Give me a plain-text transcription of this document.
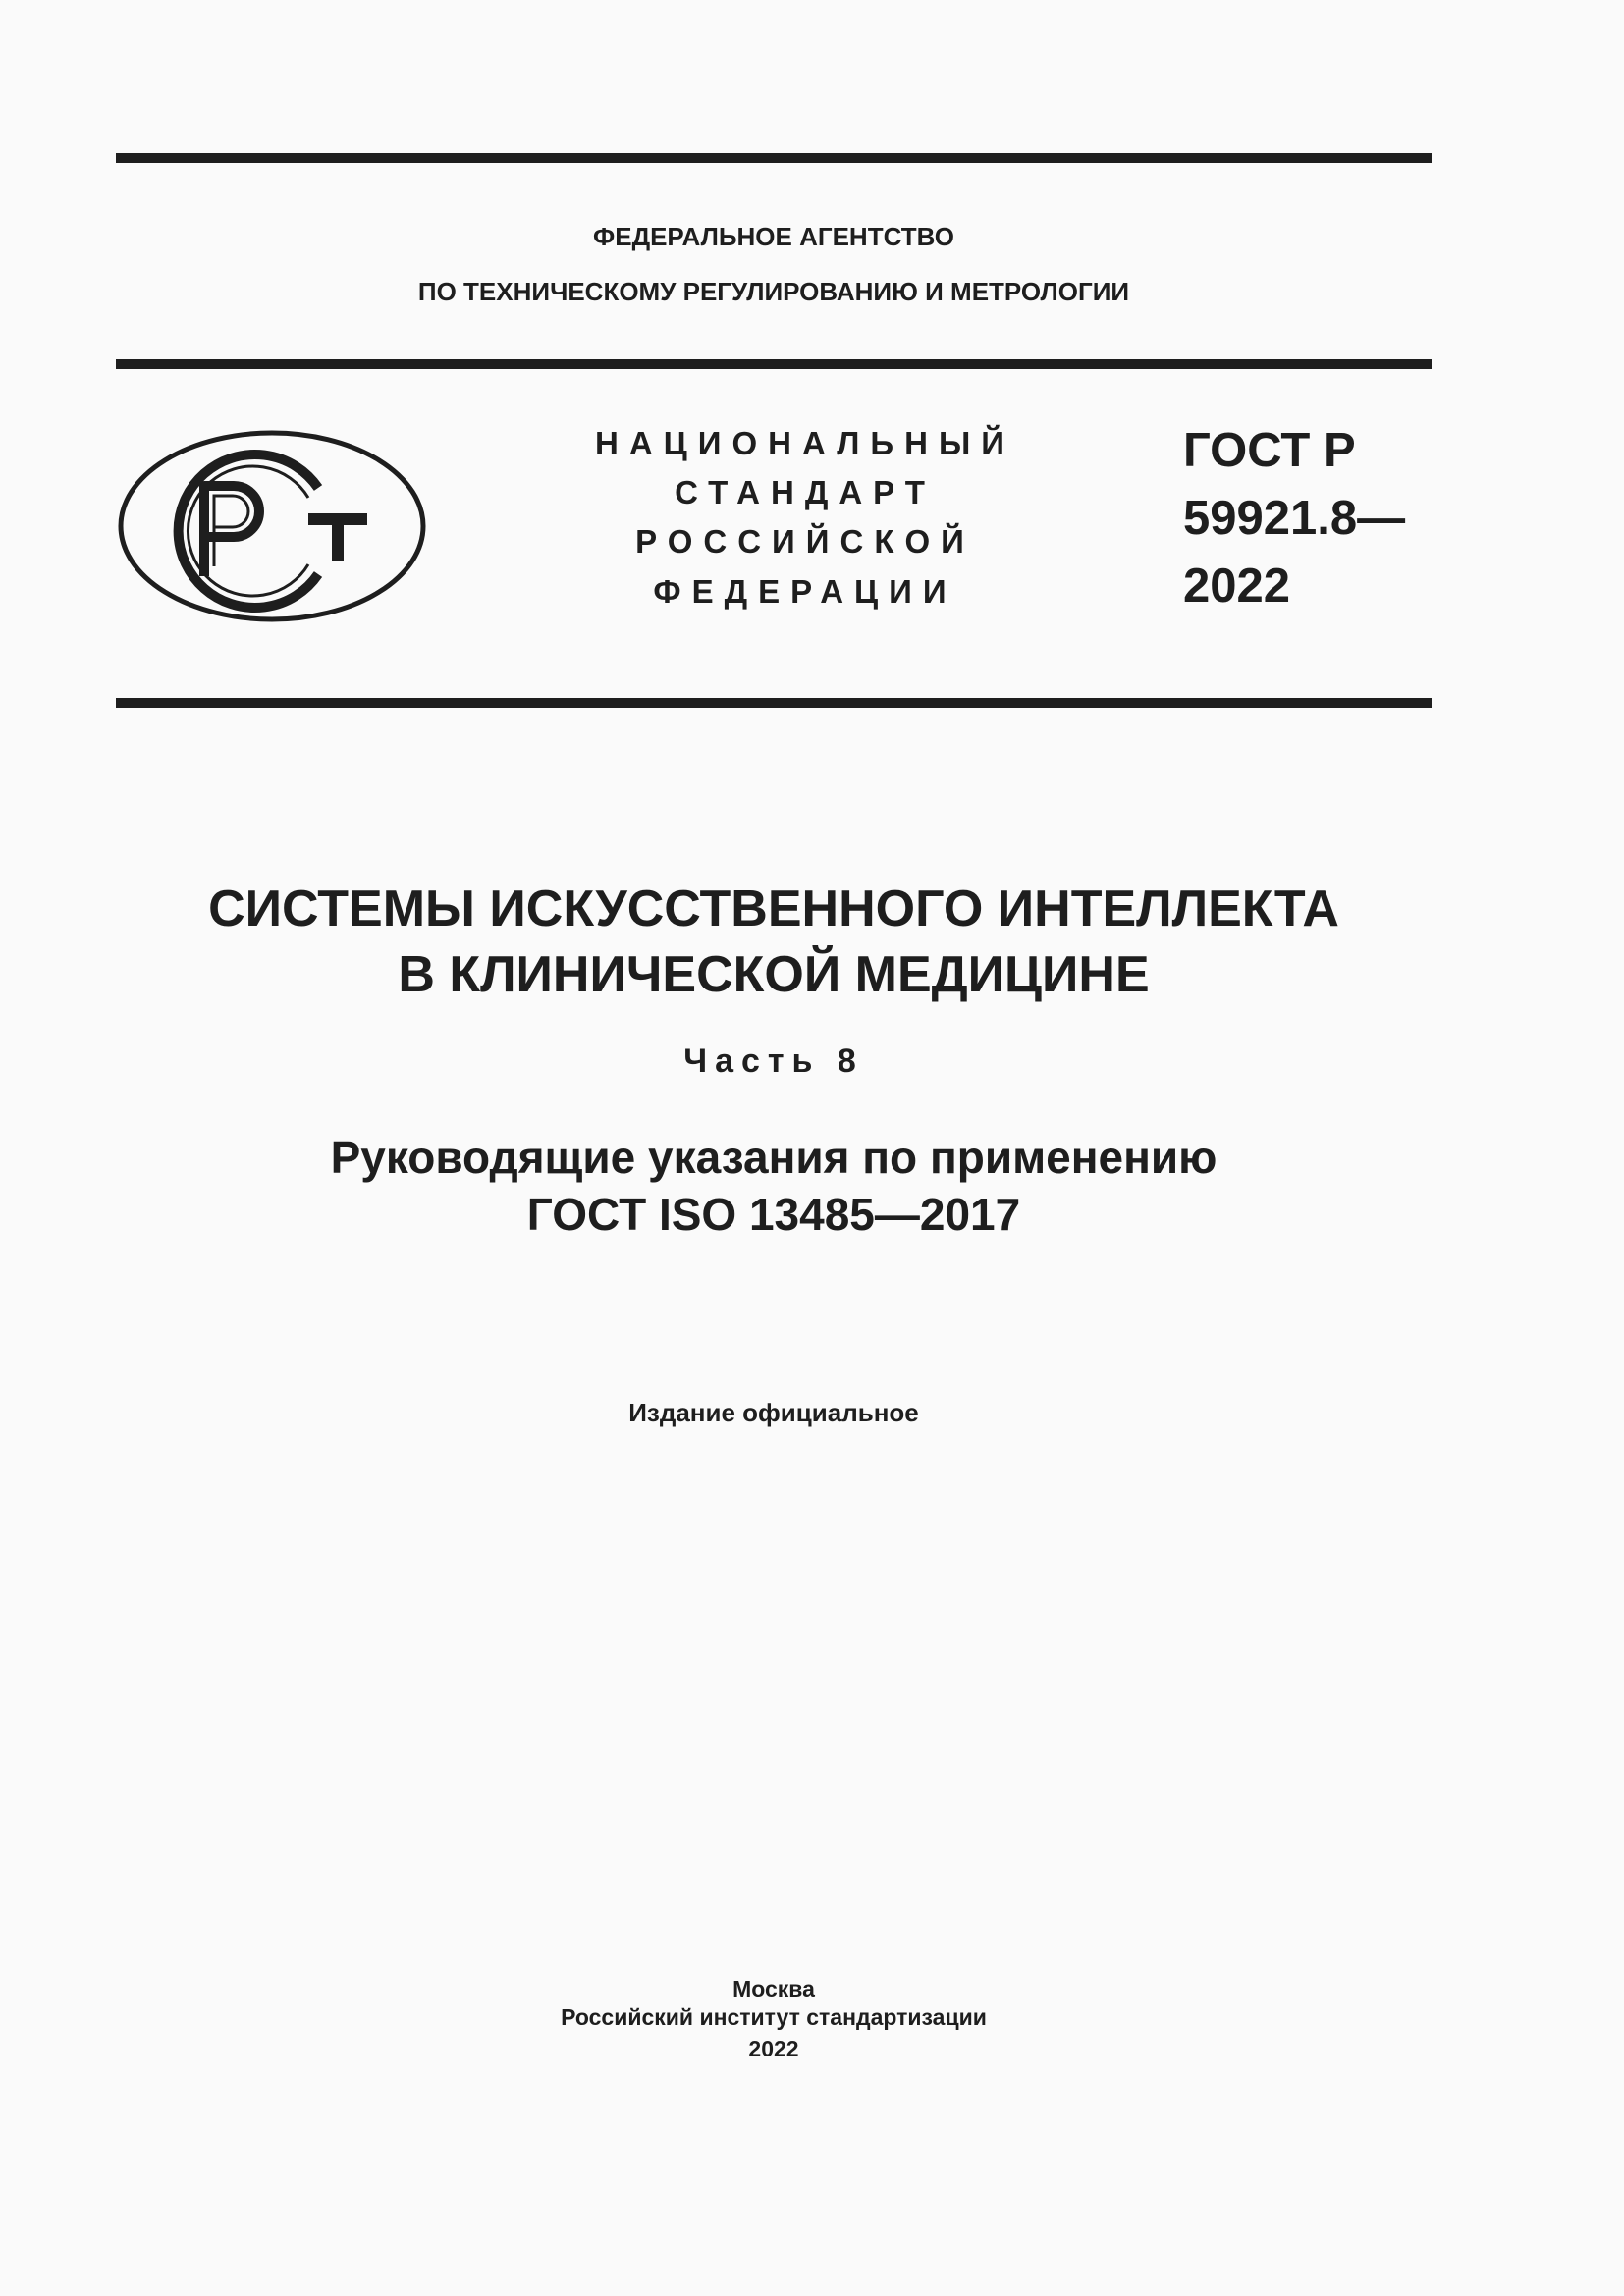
ФЕДЕРАЛЬНОЕ АГЕНТСТВО
ПО ТЕХНИЧЕСКОМУ РЕГУЛИРОВАНИЮ И МЕТРОЛОГИИ
НАЦИОНАЛЬНЫЙ
СТАНДАРТ
РОССИЙСКОЙ
ФЕДЕРАЦИИ
ГОСТ Р
59921.8—
2022
СИСТЕМЫ ИСКУССТВЕННОГО ИНТЕЛЛЕКТА
В КЛИНИЧЕСКОЙ МЕДИЦИНЕ
Часть 8
Руководящие указания по применению
ГОСТ ISO 13485—2017
Издание официальное
Москва
Российский институт стандартизации
2022
